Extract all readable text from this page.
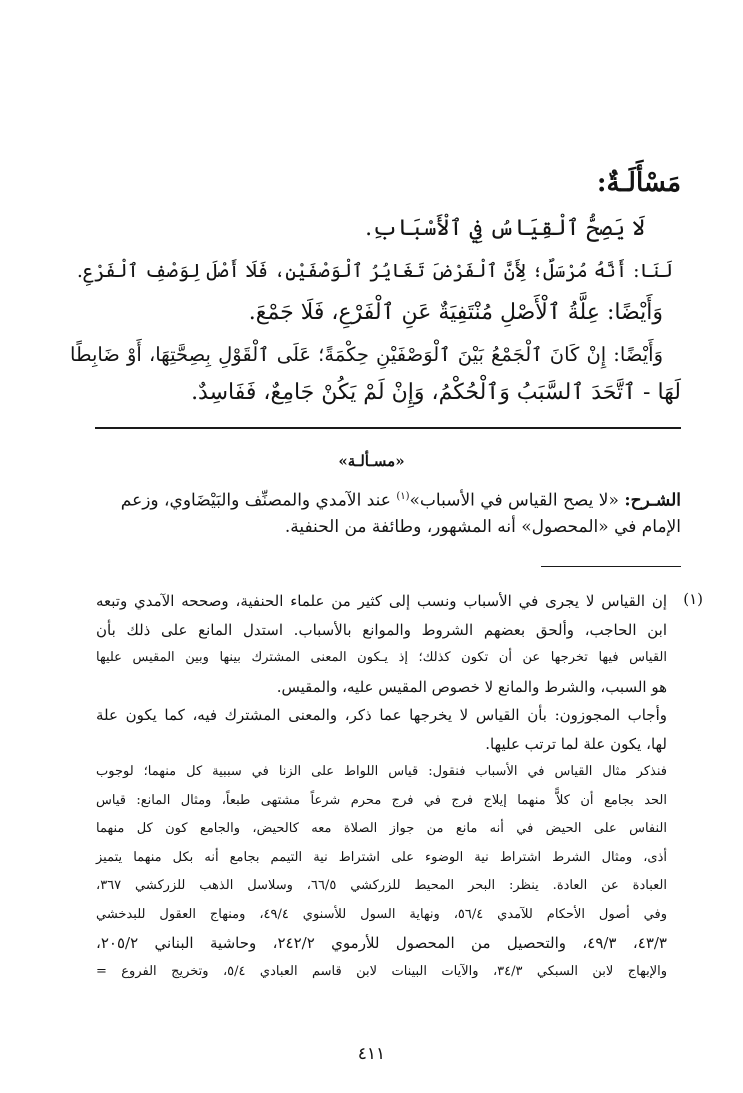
مَسْأَلَـةٌ:
لَا يَصِحُّ ٱلْقِيَاسُ فِي ٱلْأَسْبَابِ.
لَنَا: أَنَّهُ مُرْسَلٌ؛ لِأَنَّ ٱلْفَرْضَ تَغَايُرُ ٱلْوَصْفَيْنِ، فَلَا أَصْلَ لِوَصْفِ ٱلْفَرْعِ.
وَأَيْضًا: عِلَّةُ ٱلْأَصْلِ مُنْتَفِيَةٌ عَنِ ٱلْفَرْعِ، فَلَا جَمْعَ.
وَأَيْضًا: إِنْ كَانَ ٱلْجَمْعُ بَيْنَ ٱلْوَصْفَيْنِ حِكْمَةً؛ عَلَى ٱلْقَوْلِ بِصِحَّتِهَا، أَوْ ضَابِطًا
لَهَا - ٱتَّحَدَ ٱلسَّبَبُ وَٱلْحُكْمُ، وَإِنْ لَمْ يَكُنْ جَامِعٌ، فَفَاسِدٌ.
«مسـألـة»
الشـرح: «لا يصح القياس في الأسباب»$^{(١)}$ عند الآمدي والمصنِّف والبَيْضَاوي، وزعم
الإمام في «المحصول» أنه المشهور، وطائفة من الحنفية.
(١)
إن القياس لا يجرى في الأسباب ونسب إلى كثير من علماء الحنفية، وصححه الآمدي وتبعه
ابن الحاجب، وألحق بعضهم الشروط والموانع بالأسباب. استدل المانع على ذلك بأن
القياس فيها تخرجها عن أن تكون كذلك؛ إذ يـكون المعنى المشترك بينها وبين المقيس عليها
هو السبب، والشرط والمانع لا خصوص المقيس عليه، والمقيس.
وأجاب المجوزون: بأن القياس لا يخرجها عما ذكر، والمعنى المشترك فيه، كما يكون علة
لها، يكون علة لما ترتب عليها.
فنذكر مثال القياس في الأسباب فنقول: قياس اللواط على الزنا في سببية كل منهما؛ لوجوب
الحد بجامع أن كلاًّ منهما إيلاج فرج في فرج محرم شرعاً مشتهى طبعاً، ومثال المانع: قياس
النفاس على الحيض في أنه مانع من جواز الصلاة معه كالحيض، والجامع كون كل منهما
أذى، ومثال الشرط اشتراط نية الوضوء على اشتراط نية التيمم بجامع أنه بكل منهما يتميز
العبادة عن العادة. ينظر: البحر المحيط للزركشي ٦٦/٥، وسلاسل الذهب للزركشي ٣٦٧،
وفي أصول الأحكام للآمدي ٥٦/٤، ونهاية السول للأسنوي ٤٩/٤، ومنهاج العقول للبدخشي
٤٣/٣، ٤٩/٣، والتحصيل من المحصول للأرموي ٢٤٢/٢، وحاشية البناني ٢٠٥/٢،
والإبهاج لابن السبكي ٣٤/٣، والآيات البينات لابن قاسم العبادي ٥/٤، وتخريج الفروع =
٤١١
